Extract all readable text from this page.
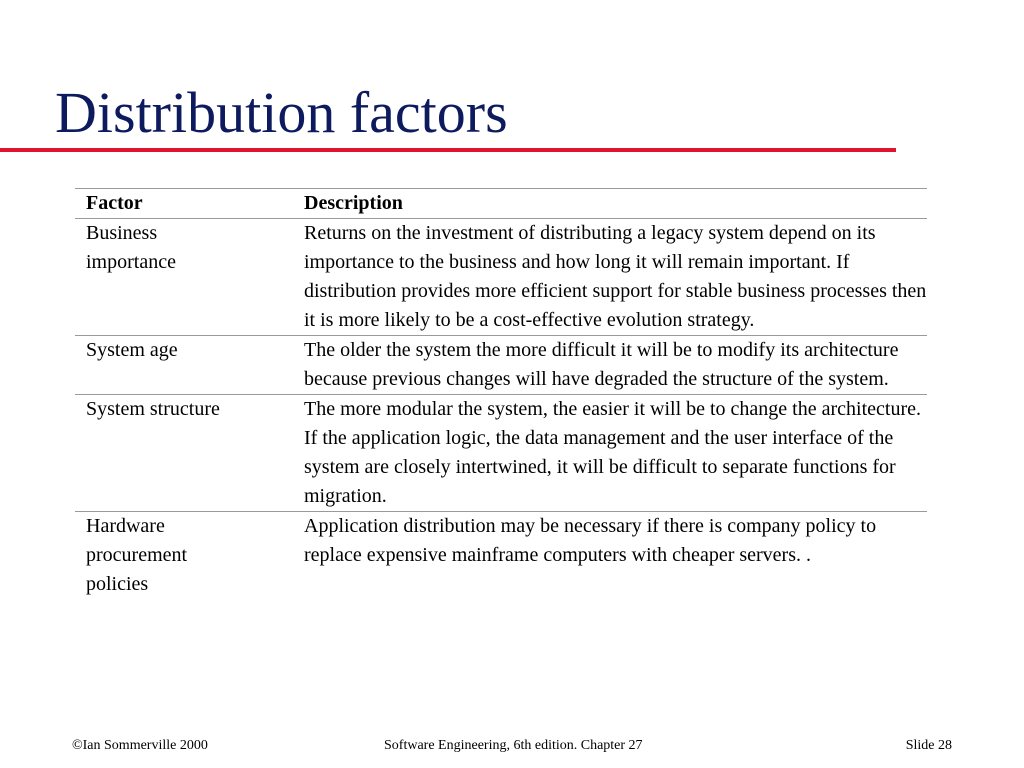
Distribution factors
Factor	Description
Business importance	Returns on the investment of distributing a legacy system depend on its importance to the business and how long it will remain important. If distribution provides more efficient support for stable business processes then it is more likely to be a cost-effective evolution strategy.
System age	The older the system the more difficult it will be to modify its architecture because previous changes will have degraded the structure of the system.
System structure	The more modular the system, the easier it will be to change the architecture. If the application logic, the data management and the user interface of the system are closely intertwined, it will be difficult to separate functions for migration.
Hardware procurement policies	Application distribution may be necessary if there is company policy to replace expensive mainframe computers with cheaper servers. .
©Ian Sommerville 2000	Software Engineering, 6th edition. Chapter 27	Slide 28
